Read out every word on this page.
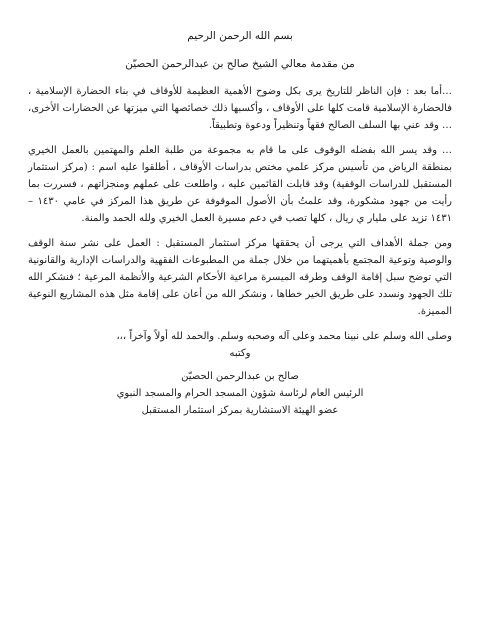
بسم الله الرحمن الرحيم

من مقدمة معالي الشيخ صالح بن عبدالرحمن الحصيّن

…أما بعد : فإن الناظر للتاريخ يرى بكل وضوح الأهمية العظيمة للأوقاف في بناء الحضارة الإسلامية ، فالحضارة الإسلامية قامت كلها على الأوقاف ، وأكسبها ذلك خصائصها التي ميزتها عن الحضارات الأخرى، … وقد عني بها السلف الصالح فقهاً وتنظيراً ودعوة وتطبيقاً.

… وقد يسر الله بفضله الوقوف على ما قام به مجموعة من طلبة العلم والمهتمين بالعمل الخيري بمنطقة الرياض من تأسيس مركز علمي مختص بدراسات الأوقاف ، أطلقوا عليه اسم : (مركز استثمار المستقبل للدراسات الوقفية) وقد قابلت القائمين عليه ، واطلعت على عملهم ومنجزاتهم ، فسررت بما رأيت من جهود مشكورة، وقد علمتُ بأن الأصول الموقوفة عن طريق هذا المركز في عامي ١٤٣٠ – ١٤٣١ تزيد على مليار ي ريال ، كلها تصب في دعم مسيرة العمل الخيري ولله الحمد والمنة.

ومن جملة الأهداف التي يرجى أن يحققها مركز استثمار المستقبل : العمل على نشر سنة الوقف والوصية وتوعية المجتمع بأهميتهما من خلال جملة من المطبوعات الفقهية والدراسات الإدارية والقانونية التي توضح سبل إقامة الوقف وطرقه الميسرة مراعية الأحكام الشرعية والأنظمة المرعية ؛ فنشكر الله تلك الجهود ونسدد على طريق الخير خطاها ، ونشكر الله من أعان على إقامة مثل هذه المشاريع النوعية المميزة.

وصلى الله وسلم على نبينا محمد وعلى آله وصحبه وسلم. والحمد لله أولاً وآخراً ،،،

وكتبه

صالح بن عبدالرحمن الحصيّن

الرئيس العام لرئاسة شؤون المسجد الحرام والمسجد النبوي

عضو الهيئة الاستشارية بمركز استثمار المستقبل
